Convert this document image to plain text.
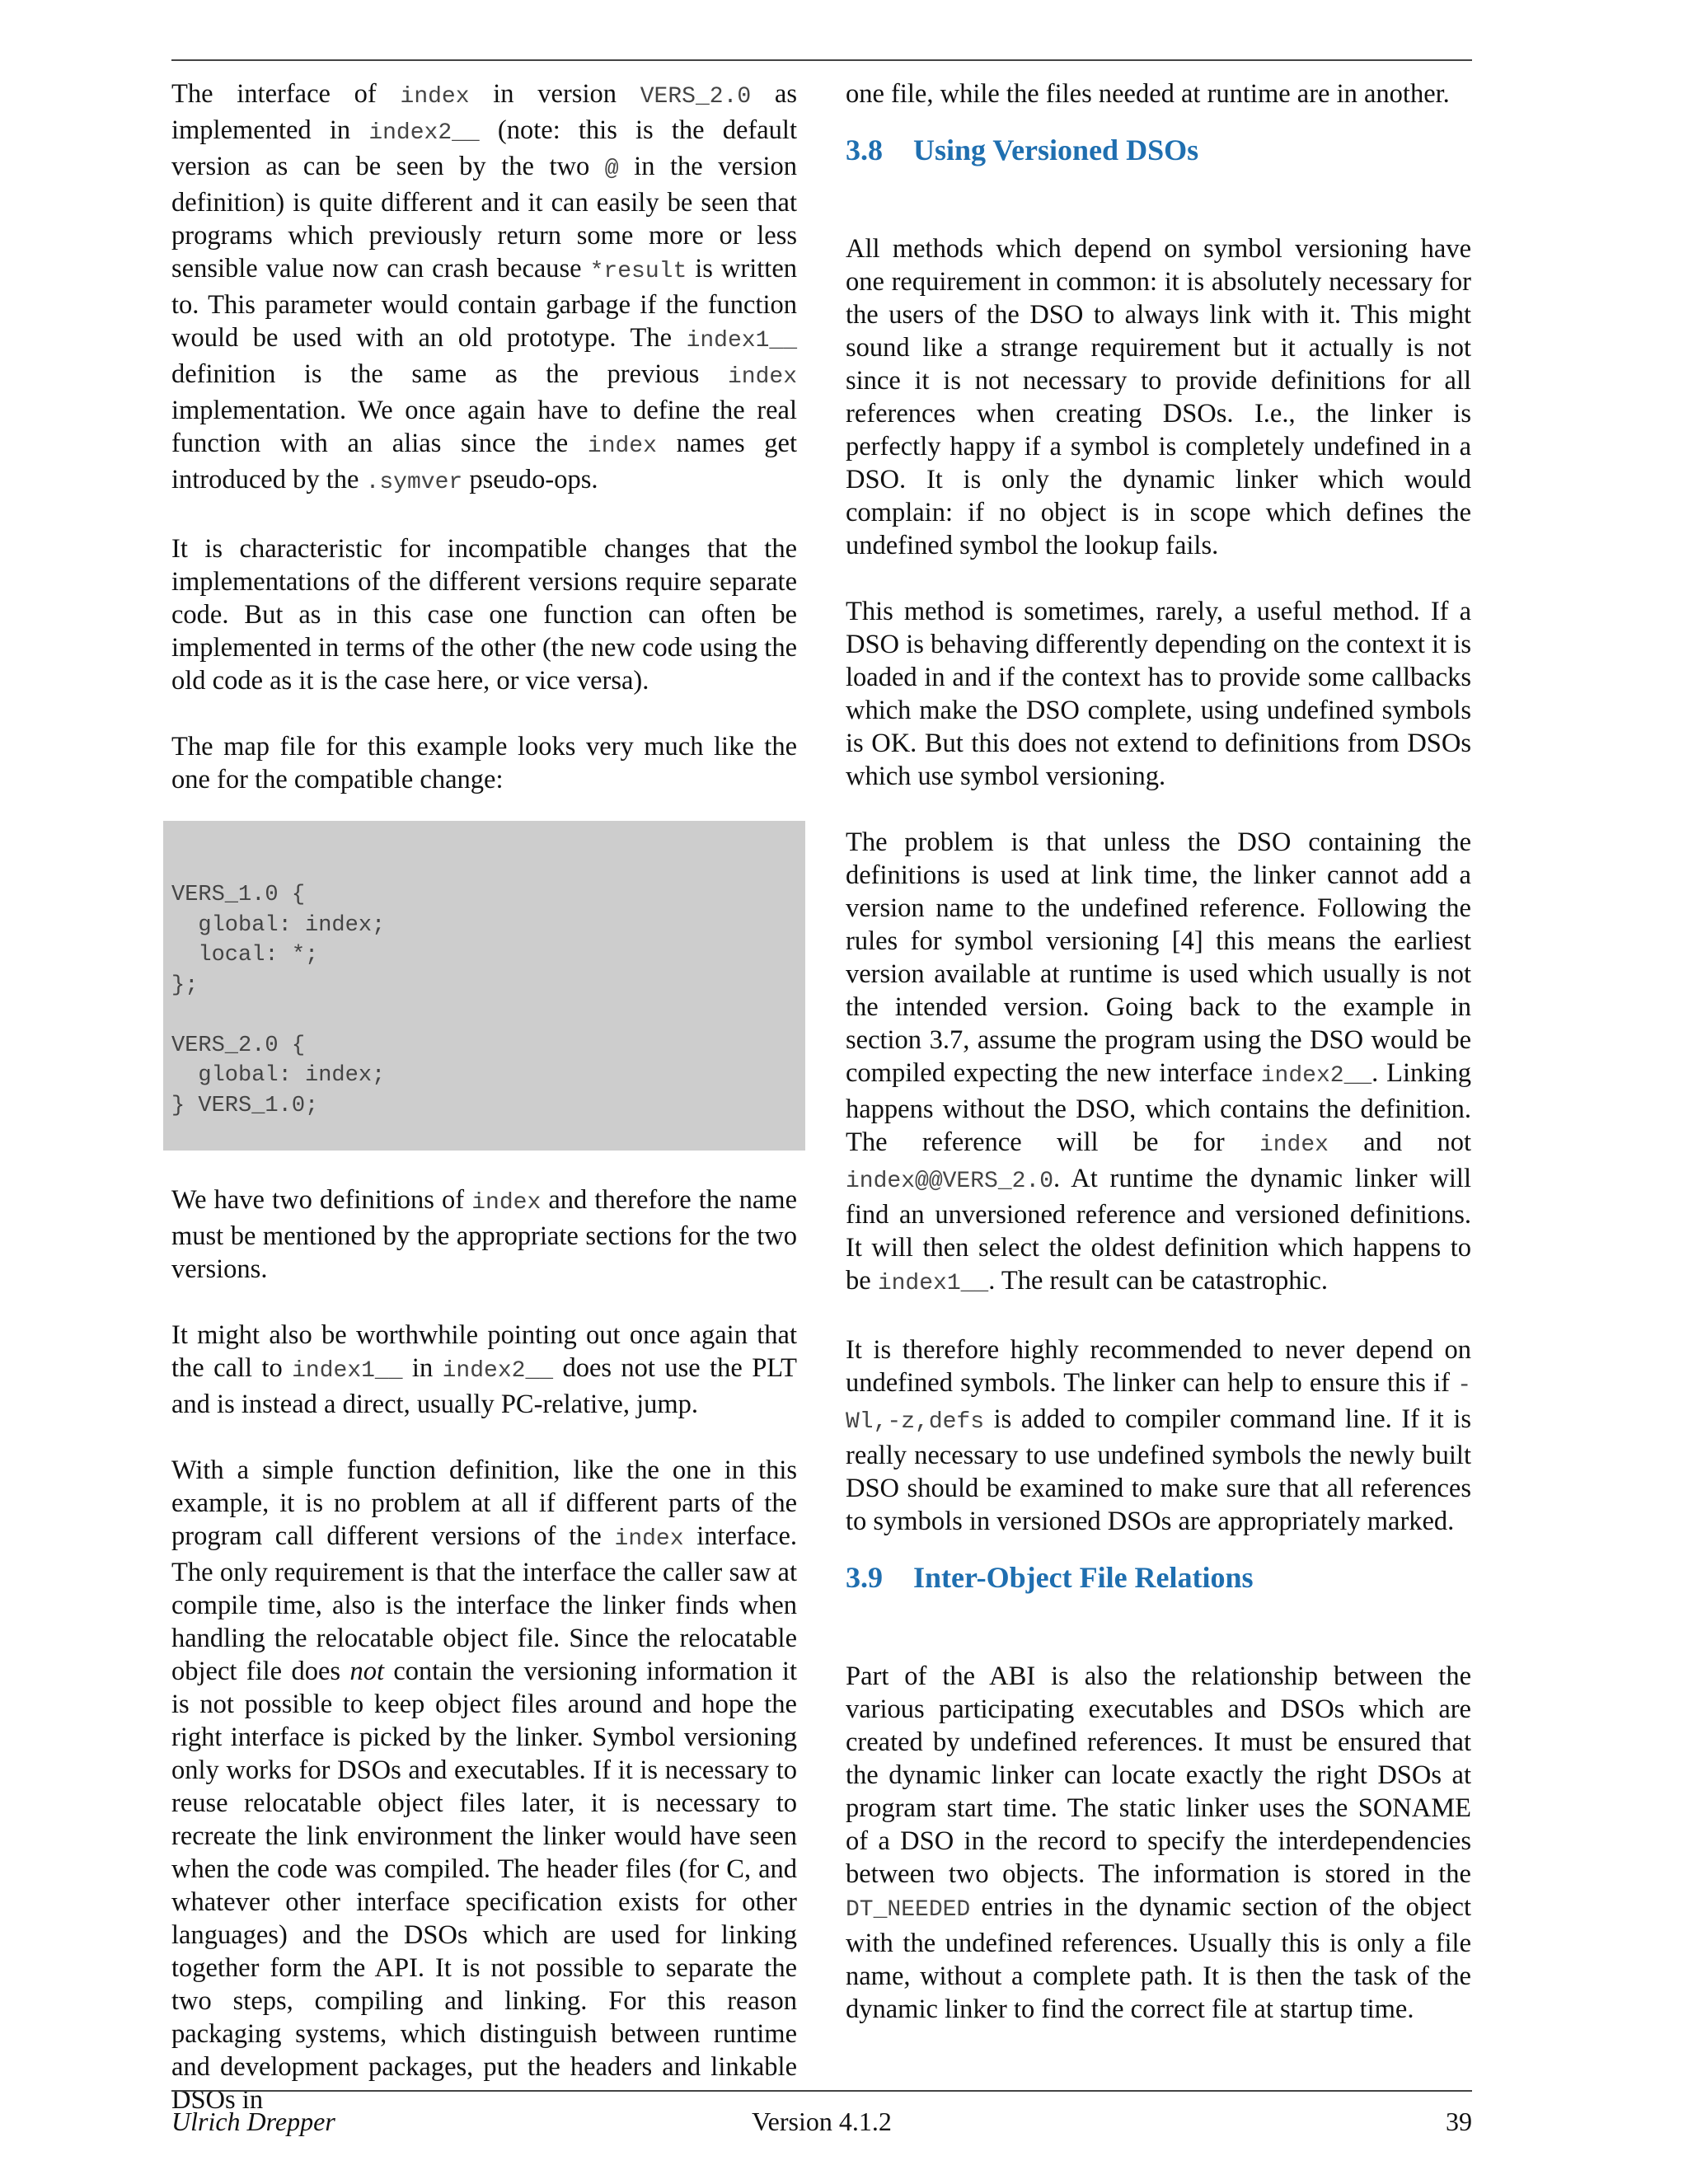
The interface of index in version VERS_2.0 as implemented in index2__ (note: this is the default version as can be seen by the two @ in the version definition) is quite different and it can easily be seen that programs which previously return some more or less sensible value now can crash because *result is written to. This parameter would contain garbage if the function would be used with an old prototype. The index1__ definition is the same as the previous index implementation. We once again have to define the real function with an alias since the index names get introduced by the .symver pseudo-ops.

It is characteristic for incompatible changes that the implementations of the different versions require separate code. But as in this case one function can often be implemented in terms of the other (the new code using the old code as it is the case here, or vice versa).

The map file for this example looks very much like the one for the compatible change:

VERS_1.0 {
global: index;
local: *;
};

VERS_2.0 {
global: index;
} VERS_1.0;

We have two definitions of index and therefore the name must be mentioned by the appropriate sections for the two versions.

It might also be worthwhile pointing out once again that the call to index1__ in index2__ does not use the PLT and is instead a direct, usually PC-relative, jump.

With a simple function definition, like the one in this example, it is no problem at all if different parts of the program call different versions of the index interface. The only requirement is that the interface the caller saw at compile time, also is the interface the linker finds when handling the relocatable object file. Since the relocatable object file does not contain the versioning information it is not possible to keep object files around and hope the right interface is picked by the linker. Symbol versioning only works for DSOs and executables. If it is necessary to reuse relocatable object files later, it is necessary to recreate the link environment the linker would have seen when the code was compiled. The header files (for C, and whatever other interface specification exists for other languages) and the DSOs which are used for linking together form the API. It is not possible to separate the two steps, compiling and linking. For this reason packaging systems, which distinguish between runtime and development packages, put the headers and linkable DSOs in

one file, while the files needed at runtime are in another.

3.8 Using Versioned DSOs

All methods which depend on symbol versioning have one requirement in common: it is absolutely necessary for the users of the DSO to always link with it. This might sound like a strange requirement but it actually is not since it is not necessary to provide definitions for all references when creating DSOs. I.e., the linker is perfectly happy if a symbol is completely undefined in a DSO. It is only the dynamic linker which would complain: if no object is in scope which defines the undefined symbol the lookup fails.

This method is sometimes, rarely, a useful method. If a DSO is behaving differently depending on the context it is loaded in and if the context has to provide some callbacks which make the DSO complete, using undefined symbols is OK. But this does not extend to definitions from DSOs which use symbol versioning.

The problem is that unless the DSO containing the definitions is used at link time, the linker cannot add a version name to the undefined reference. Following the rules for symbol versioning [4] this means the earliest version available at runtime is used which usually is not the intended version. Going back to the example in section 3.7, assume the program using the DSO would be compiled expecting the new interface index2__. Linking happens without the DSO, which contains the definition. The reference will be for index and not index@@VERS_2.0. At runtime the dynamic linker will find an unversioned reference and versioned definitions. It will then select the oldest definition which happens to be index1__. The result can be catastrophic.

It is therefore highly recommended to never depend on undefined symbols. The linker can help to ensure this if -Wl,-z,defs is added to compiler command line. If it is really necessary to use undefined symbols the newly built DSO should be examined to make sure that all references to symbols in versioned DSOs are appropriately marked.

3.9 Inter-Object File Relations

Part of the ABI is also the relationship between the various participating executables and DSOs which are created by undefined references. It must be ensured that the dynamic linker can locate exactly the right DSOs at program start time. The static linker uses the SONAME of a DSO in the record to specify the interdependencies between two objects. The information is stored in the DT_NEEDED entries in the dynamic section of the object with the undefined references. Usually this is only a file name, without a complete path. It is then the task of the dynamic linker to find the correct file at startup time.

Ulrich Drepper	Version 4.1.2	39
